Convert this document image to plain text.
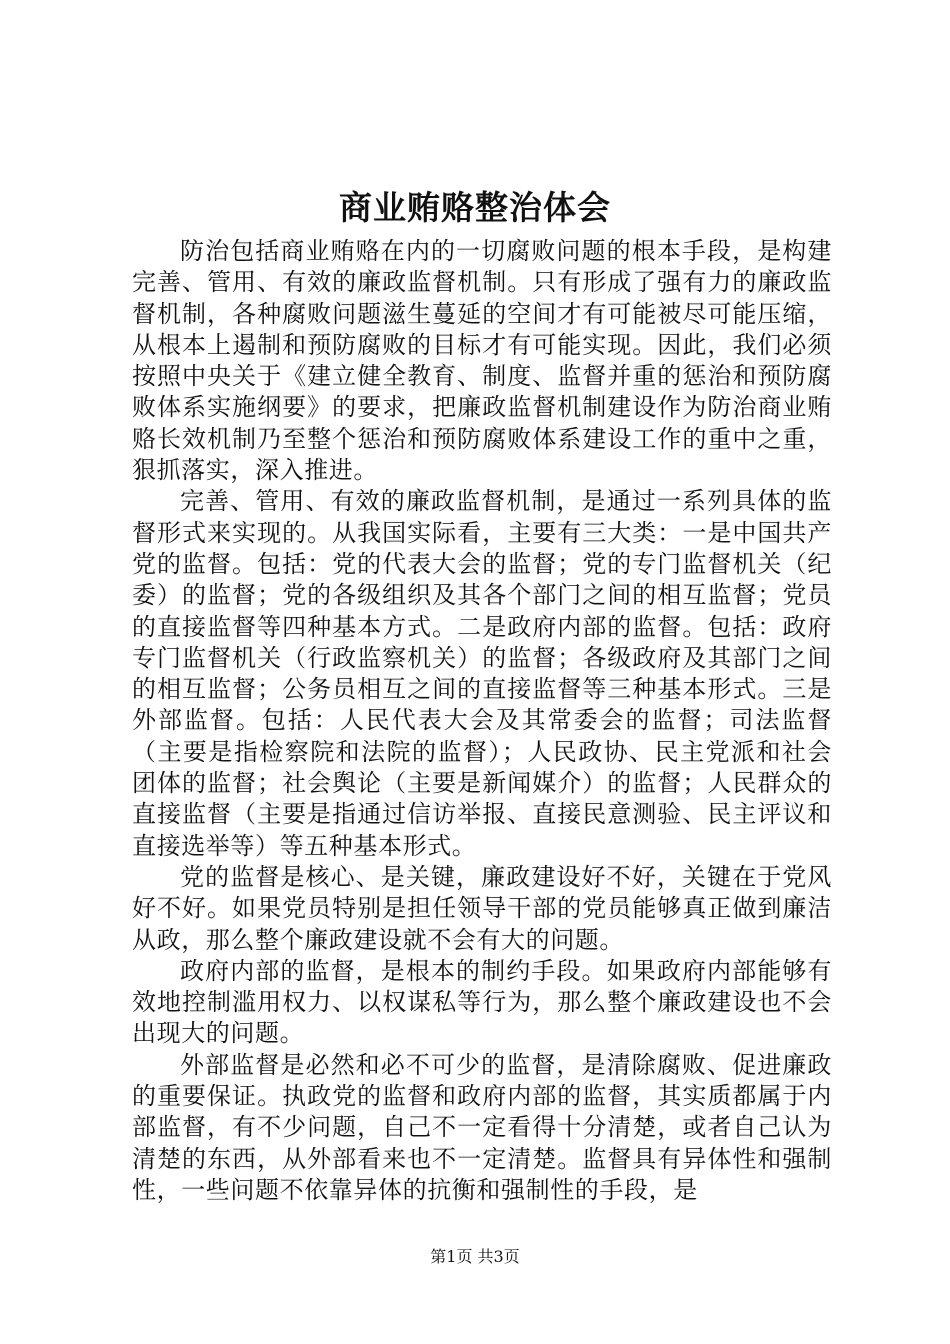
商业贿赂整治体会

防治包括商业贿赂在内的一切腐败问题的根本手段，是构建完善、管用、有效的廉政监督机制。只有形成了强有力的廉政监督机制，各种腐败问题滋生蔓延的空间才有可能被尽可能压缩，从根本上遏制和预防腐败的目标才有可能实现。因此，我们必须按照中央关于《建立健全教育、制度、监督并重的惩治和预防腐败体系实施纲要》的要求，把廉政监督机制建设作为防治商业贿赂长效机制乃至整个惩治和预防腐败体系建设工作的重中之重，狠抓落实，深入推进。

完善、管用、有效的廉政监督机制，是通过一系列具体的监督形式来实现的。从我国实际看，主要有三大类：一是中国共产党的监督。包括：党的代表大会的监督；党的专门监督机关（纪委）的监督；党的各级组织及其各个部门之间的相互监督；党员的直接监督等四种基本方式。二是政府内部的监督。包括：政府专门监督机关（行政监察机关）的监督；各级政府及其部门之间的相互监督；公务员相互之间的直接监督等三种基本形式。三是外部监督。包括：人民代表大会及其常委会的监督；司法监督（主要是指检察院和法院的监督）；人民政协、民主党派和社会团体的监督；社会舆论（主要是新闻媒介）的监督；人民群众的直接监督（主要是指通过信访举报、直接民意测验、民主评议和直接选举等）等五种基本形式。

党的监督是核心、是关键，廉政建设好不好，关键在于党风好不好。如果党员特别是担任领导干部的党员能够真正做到廉洁从政，那么整个廉政建设就不会有大的问题。

政府内部的监督，是根本的制约手段。如果政府内部能够有效地控制滥用权力、以权谋私等行为，那么整个廉政建设也不会出现大的问题。

外部监督是必然和必不可少的监督，是清除腐败、促进廉政的重要保证。执政党的监督和政府内部的监督，其实质都属于内部监督，有不少问题，自己不一定看得十分清楚，或者自己认为清楚的东西，从外部看来也不一定清楚。监督具有异体性和强制性，一些问题不依靠异体的抗衡和强制性的手段，是

第1页 共3页
